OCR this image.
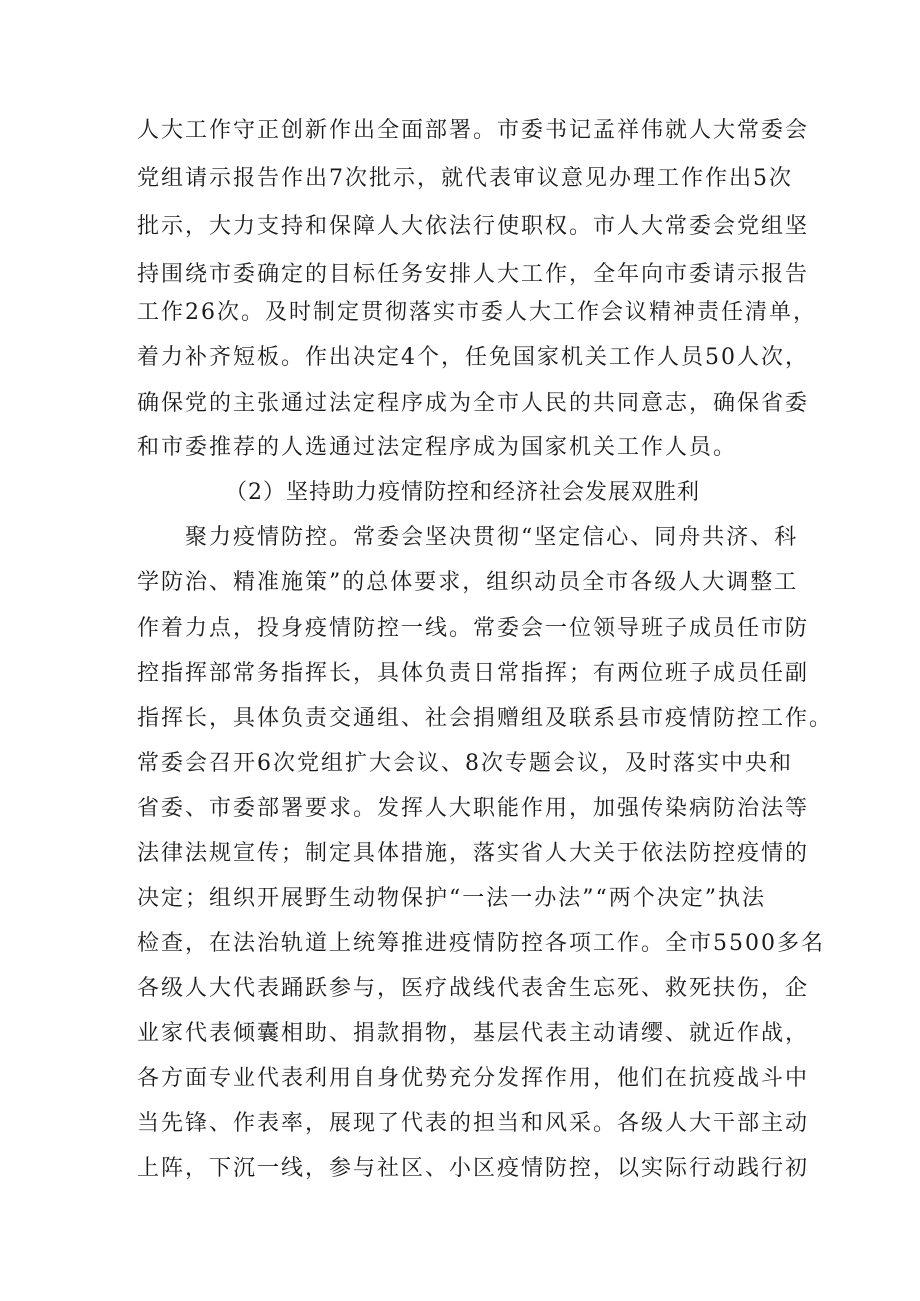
人大工作守正创新作出全面部署。市委书记孟祥伟就人大常委会
党组请示报告作出7次批示，就代表审议意见办理工作作出5次
批示，大力支持和保障人大依法行使职权。市人大常委会党组坚
持围绕市委确定的目标任务安排人大工作，全年向市委请示报告
工作26次。及时制定贯彻落实市委人大工作会议精神责任清单，
着力补齐短板。作出决定4个，任免国家机关工作人员50人次，
确保党的主张通过法定程序成为全市人民的共同意志，确保省委
和市委推荐的人选通过法定程序成为国家机关工作人员。
（2）坚持助力疫情防控和经济社会发展双胜利
聚力疫情防控。常委会坚决贯彻“坚定信心、同舟共济、科
学防治、精准施策”的总体要求，组织动员全市各级人大调整工
作着力点，投身疫情防控一线。常委会一位领导班子成员任市防
控指挥部常务指挥长，具体负责日常指挥；有两位班子成员任副
指挥长，具体负责交通组、社会捐赠组及联系县市疫情防控工作。
常委会召开6次党组扩大会议、8次专题会议，及时落实中央和
省委、市委部署要求。发挥人大职能作用，加强传染病防治法等
法律法规宣传；制定具体措施，落实省人大关于依法防控疫情的
决定；组织开展野生动物保护“一法一办法”“两个决定”执法
检查，在法治轨道上统筹推进疫情防控各项工作。全市5500多名
各级人大代表踊跃参与，医疗战线代表舍生忘死、救死扶伤，企
业家代表倾囊相助、捐款捐物，基层代表主动请缨、就近作战，
各方面专业代表利用自身优势充分发挥作用，他们在抗疫战斗中
当先锋、作表率，展现了代表的担当和风采。各级人大干部主动
上阵，下沉一线，参与社区、小区疫情防控，以实际行动践行初
